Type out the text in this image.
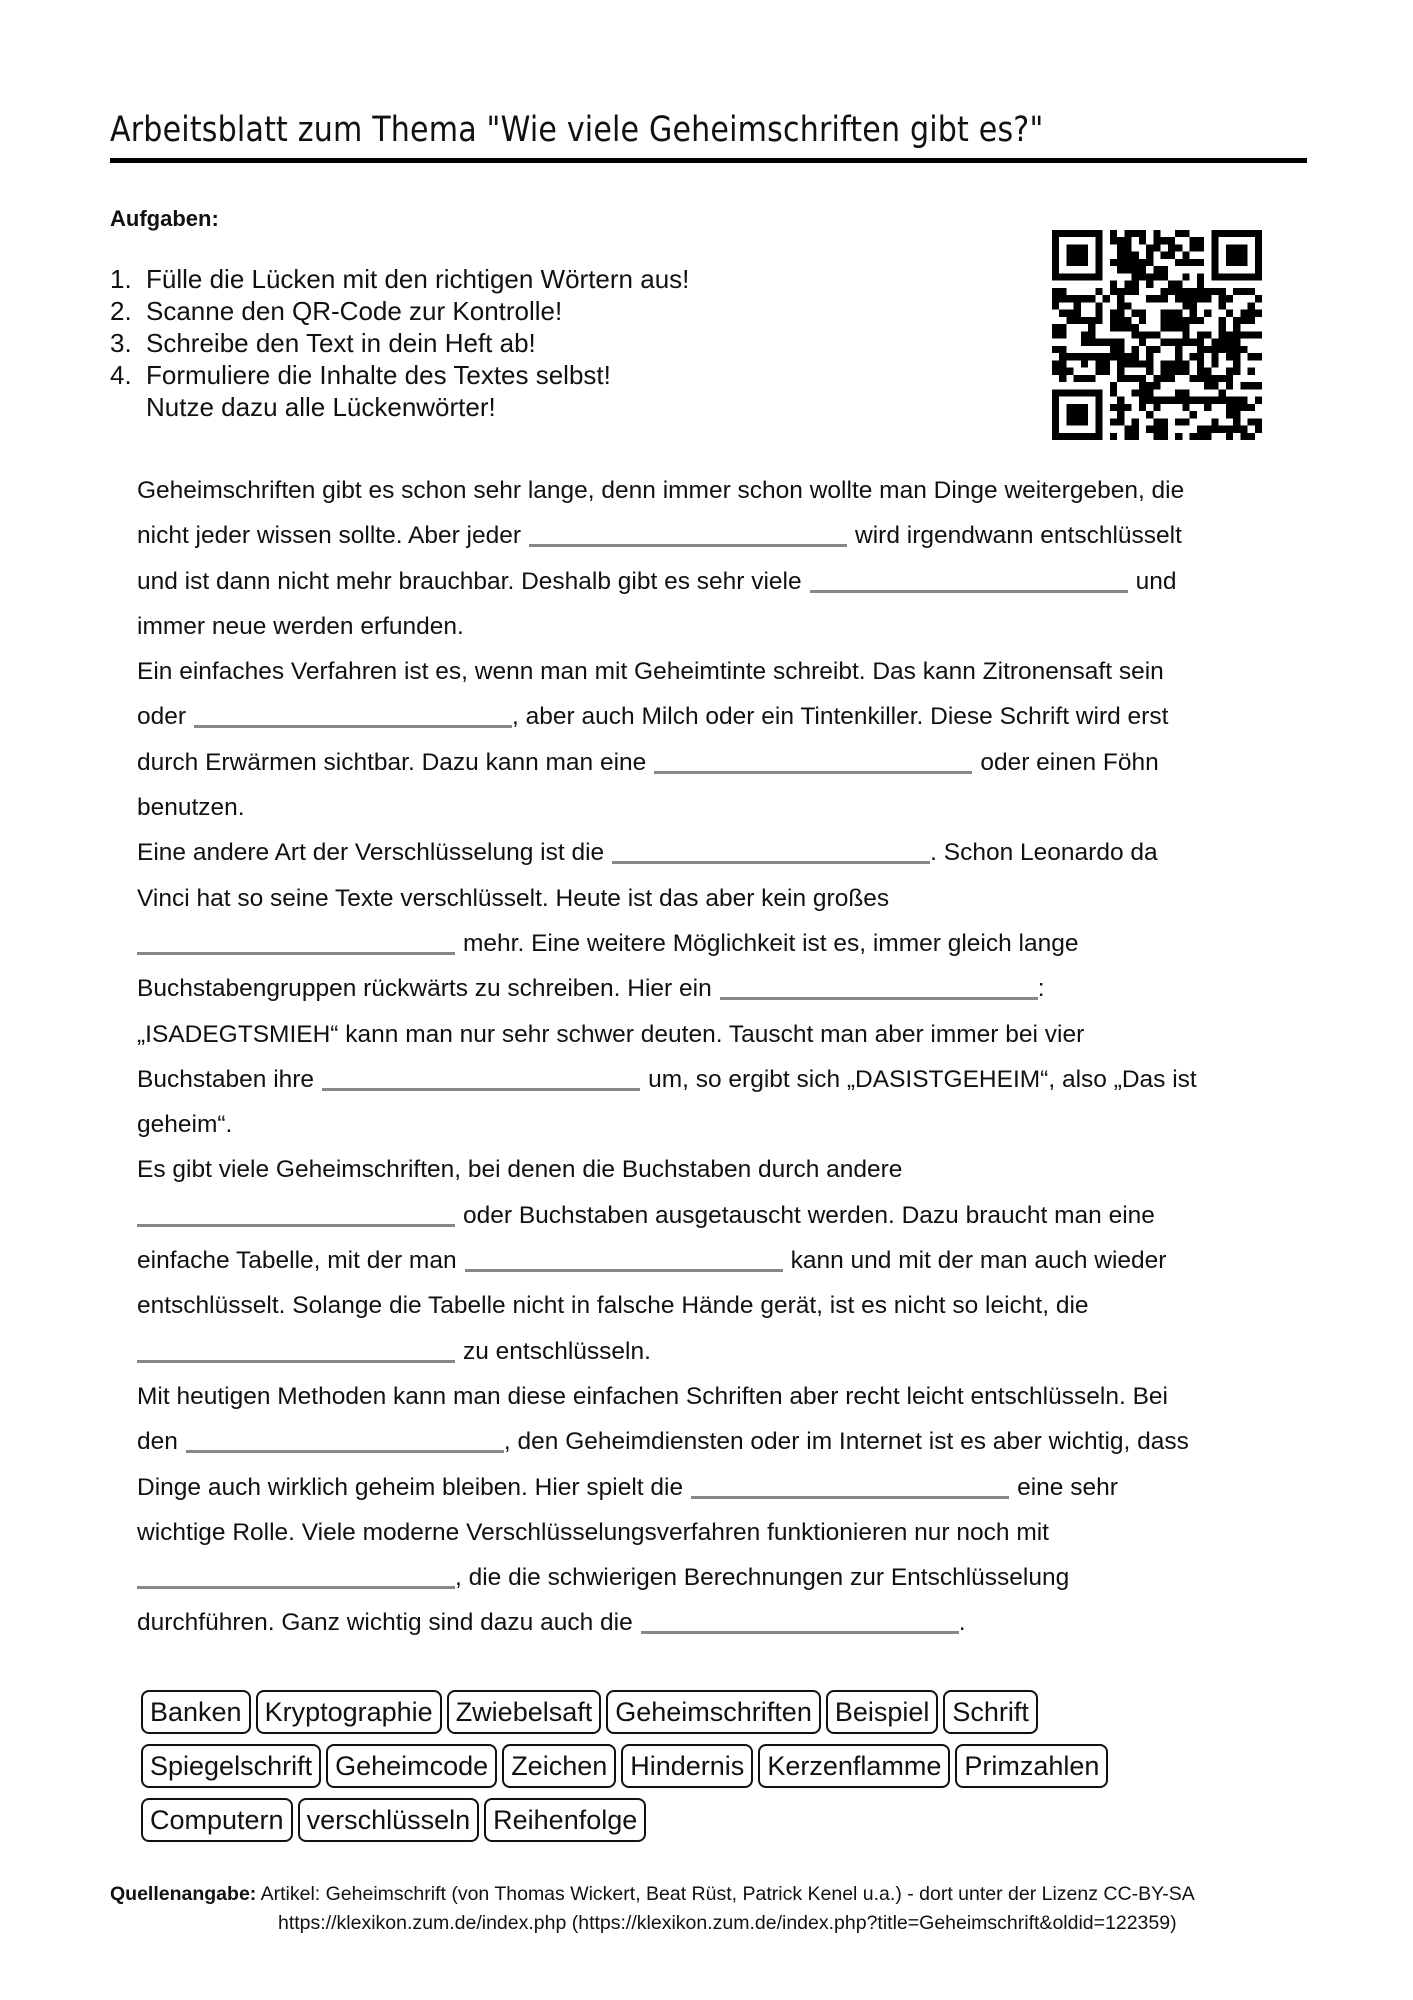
Arbeitsblatt zum Thema "Wie viele Geheimschriften gibt es?"
Aufgaben:
1. Fülle die Lücken mit den richtigen Wörtern aus!
2. Scanne den QR-Code zur Kontrolle!
3. Schreibe den Text in dein Heft ab!
4. Formuliere die Inhalte des Textes selbst!
Nutze dazu alle Lückenwörter!
Geheimschriften gibt es schon sehr lange, denn immer schon wollte man Dinge weitergeben, die
nicht jeder wissen sollte. Aber jeder	wird irgendwann entschlüsselt
und ist dann nicht mehr brauchbar. Deshalb gibt es sehr viele	und
immer neue werden erfunden.
Ein einfaches Verfahren ist es, wenn man mit Geheimtinte schreibt. Das kann Zitronensaft sein
oder	, aber auch Milch oder ein Tintenkiller. Diese Schrift wird erst
durch Erwärmen sichtbar. Dazu kann man eine	oder einen Föhn
benutzen.
Eine andere Art der Verschlüsselung ist die	. Schon Leonardo da
Vinci hat so seine Texte verschlüsselt. Heute ist das aber kein großes
mehr. Eine weitere Möglichkeit ist es, immer gleich lange
Buchstabengruppen rückwärts zu schreiben. Hier ein	:
„ISADEGTSMIEH“ kann man nur sehr schwer deuten. Tauscht man aber immer bei vier
Buchstaben ihre	um, so ergibt sich „DASISTGEHEIM“, also „Das ist
geheim“.
Es gibt viele Geheimschriften, bei denen die Buchstaben durch andere
oder Buchstaben ausgetauscht werden. Dazu braucht man eine
einfache Tabelle, mit der man	kann und mit der man auch wieder
entschlüsselt. Solange die Tabelle nicht in falsche Hände gerät, ist es nicht so leicht, die
zu entschlüsseln.
Mit heutigen Methoden kann man diese einfachen Schriften aber recht leicht entschlüsseln. Bei
den	, den Geheimdiensten oder im Internet ist es aber wichtig, dass
Dinge auch wirklich geheim bleiben. Hier spielt die	eine sehr
wichtige Rolle. Viele moderne Verschlüsselungsverfahren funktionieren nur noch mit
, die die schwierigen Berechnungen zur Entschlüsselung
durchführen. Ganz wichtig sind dazu auch die	.
Banken Kryptographie Zwiebelsaft Geheimschriften Beispiel Schrift
Spiegelschrift Geheimcode Zeichen Hindernis Kerzenflamme Primzahlen
Computern verschlüsseln Reihenfolge
Quellenangabe: Artikel: Geheimschrift (von Thomas Wickert, Beat Rüst, Patrick Kenel u.a.) - dort unter der Lizenz CC-BY-SA
https://klexikon.zum.de/index.php (https://klexikon.zum.de/index.php?title=Geheimschrift&oldid=122359)
